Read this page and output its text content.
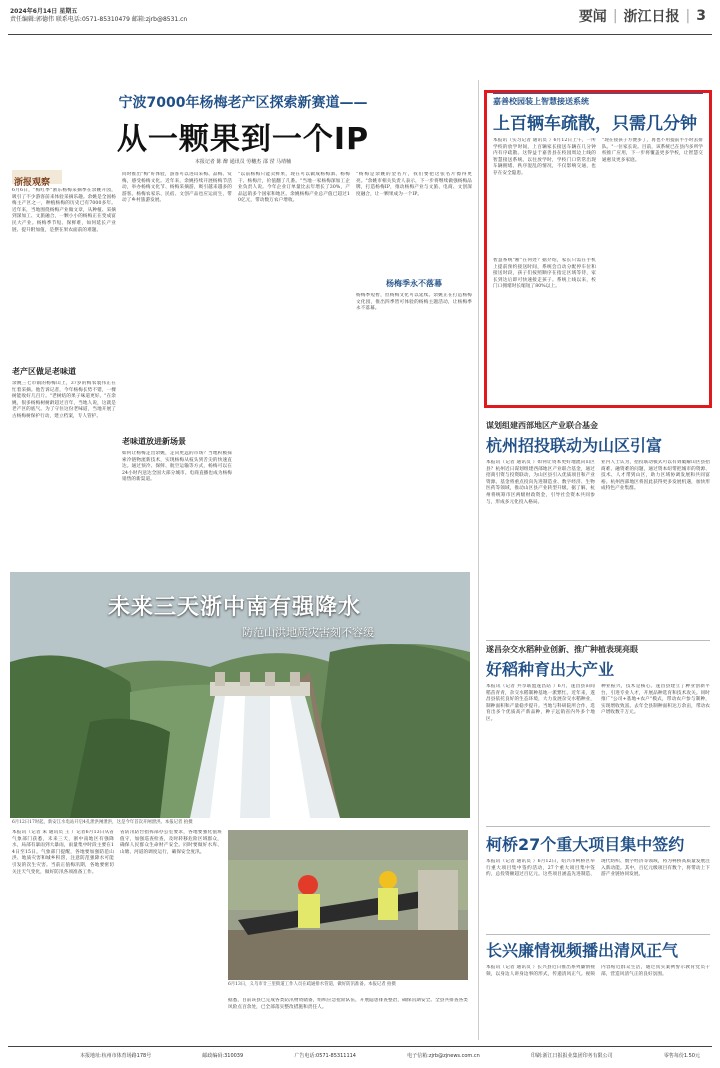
2024年6月14日 星期五
责任编辑:郭德伟 联系电话:0571-85310479 邮箱:zjrb@8531.cn	要闻 | 浙江日报 | 3
宁波7000年杨梅老产区探索新赛道——
从一颗果到一个IP
本报记者 陈 醉 通讯员 劳穗杰 邵 滢 马靖楠
浙报观察
6月6日，"梅红季"浙东杨梅采摘季在余姚开园，吸引了不少游客前来体验采摘乐趣。余姚是全国杨梅主产区之一，种植杨梅的历史已有7000多年。近年来，当地围绕杨梅产业做文章，从种植、采摘到深加工、文旅融合，一颗小小的杨梅正在变成富民大产业。杨梅季节短、保鲜难，如何延长产业链、提升附加值，是摆在果农面前的难题。
老产区做足老味道
余姚三七市镇的杨梅山上，37岁的梅农裘伟正在忙着采摘。他告诉记者，今年杨梅长势不错，一棵树能收好几百斤。"老树结的果子味道更好。"在余姚，很多杨梅树树龄超过百年，当地人说，这就是老产区的底气。为了守住这份老味道，当地开展了古杨梅树保护行动，建立档案，专人管护。
同时推出"梅"好体验，游客可以进山采梅、品梅、赏梅，感受杨梅文化。近年来，余姚持续开展杨梅节活动，举办杨梅文化节、杨梅采摘游，吸引越来越多的游客。杨梅农家乐、民宿、文创产品也应运而生，带动了乡村旅游发展。
老味道放进新场景
如何让杨梅走出余姚，走向更远的市场？当地积极探索冷链物流新技术，实现杨梅从枝头到舌尖的快速直达。通过预冷、保鲜、航空运输等方式，杨梅可以在24小时内送达全国大部分城市。电商直播也成为杨梅销售的新渠道。
"以前杨梅只能卖鲜果，现在可以做成杨梅酒、杨梅干、杨梅汁，价值翻了几番。"当地一家杨梅深加工企业负责人说。今年企业订单量比去年增长了30%，产品远销多个国家和地区。余姚杨梅产业总产值已超过10亿元，带动数万农户增收。
"杨梅是余姚的金名片，我们要把这张名片擦得更亮。"余姚市相关负责人表示，下一步将继续做强杨梅品牌，打造杨梅IP，推动杨梅产业与文旅、电商、文创深度融合，让一颗果成为一个IP。
杨梅季永不落幕
杨梅季短暂，但杨梅文化可以延续。余姚正在打造杨梅文化园，推出四季皆可体验的杨梅主题活动，让杨梅季永不落幕。
未来三天浙中南有强降水
防范山洪地质灾害刻不容缓
6月12日17时起，新安江水电站开启4孔泄洪闸泄洪，这是今年首次开闸泄洪。本报记者 拍摄
本报讯（记者 朱 通讯员 王 ）记者6月13日从省气象部门获悉，未来三天，浙中南地区有强降水，局部有暴雨到大暴雨，雨量集中时段主要在14日至15日。气象部门提醒，各地要加强防范山洪、地质灾害和城乡积涝，注意防范强降水可能引发的次生灾害。当前正值梅汛期，各地要密切关注天气变化，做好防汛各项准备工作。
省防汛防台指挥部办公室要求，各地要强化值班值守，加强巡查检查，及时转移危险区域群众，确保人民群众生命财产安全。同时要做好水库、山塘、河道的调度运行，确保安全度汛。
6月13日，义乌市廿三里街道工作人员在疏通排水管道，做好防汛准备。本报记者 拍摄
据悉，目前该县已完成各类防汛物资储备，组织应急抢险队伍，开展隐患排查整治，确保汛期安全。全县共排查各类风险点百余处，已全部落实整改措施和责任人。
嘉善校园装上智慧接送系统
上百辆车疏散，只需几分钟
本报讯（实习记者 通讯员 ）6月12日上午，一所学校的放学时间，上百辆家长接送车辆在几分钟内有序疏散。这得益于嘉善县在校园周边上线的智慧接送系统。以往放学时，学校门口常常出现车辆拥堵、秩序混乱的情况，不仅影响交通，也存在安全隐患。
智慧系统"断"在何处？据介绍，家长只需在手机上提前预约接送时间，系统会自动分配停车位和接送时段，孩子们按照顺序在指定区域等待，家长到达后即可快速接走孩子。系统上线以来，校门口拥堵时长缩短了80%以上。
"现在接孩子方便多了，再也不用提前半小时去排队。"一位家长说。目前，该系统已在县内多所学校推广应用，下一步将覆盖更多学校，让智慧交通惠及更多家庭。
谋划组建西部地区产业联合基金
杭州招投联动为山区引富
本报讯（记者 通讯员 ）如何让资本更好地流向山区县？杭州近日谋划组建西部地区产业联合基金，通过招商引资与投资联动，为山区县引入优质项目和产业资源。基金将重点投向先进制造业、数字经济、生物医药等领域，推动山区县产业转型升级。据了解，杭州将统筹市区两级财政资金，引导社会资本共同参与，形成多元化投入格局。
业内人士认为，招投联动模式可以有效破解山区县招商难、融资难的问题，通过资本纽带把城市的资源、技术、人才带到山区，助力区域协调发展和共同富裕。杭州西部地区将因此获得更多发展机遇，加快形成特色产业集群。
遂昌杂交水稻种业创新、推广种植表现亮眼
好稻种育出大产业
本报讯（记者 共享联盟遂昌站 ）6月，遂昌县田间稻苗青青，杂交水稻制种基地一派繁忙。近年来，遂昌县依托良好的生态环境，大力发展杂交水稻种业，制种面积和产量稳步提升。当地与科研院所合作，选育出多个优质高产新品种，种子远销省内外多个地区。
种业振兴，技术是核心。遂昌县建立了种业创新平台，引进专业人才，开展品种选育和技术攻关。同时推广"公司+基地+农户"模式，带动农户参与制种，实现增收致富。去年全县制种面积达万余亩，带动农户增收数千万元。
柯桥27个重大项目集中签约
本报讯（记者 通讯员 ）6月12日，绍兴市柯桥区举行重大项目集中签约活动，27个重大项目集中签约，总投资额超过百亿元。这些项目涵盖先进制造、现代纺织、数字经济等领域，将为柯桥高质量发展注入新动能。其中，百亿元级项目有数个，将带动上下游产业链协同发展。
长兴廉情视频播出清风正气
本报讯（记者 通讯员 ）长兴县近日推出系列廉情视频，以身边人讲身边事的形式，传递清风正气。视频内容贴近群众生活，通过真实案例警示教育党员干部，营造风清气正的良好氛围。
本报地址:杭州市体育场路178号	邮政编码:310039	广告电话:0571-85311114	电子信箱:zjrb@zjnews.com.cn	印刷:浙江日报报业集团印务有限公司	零售每份1.50元
